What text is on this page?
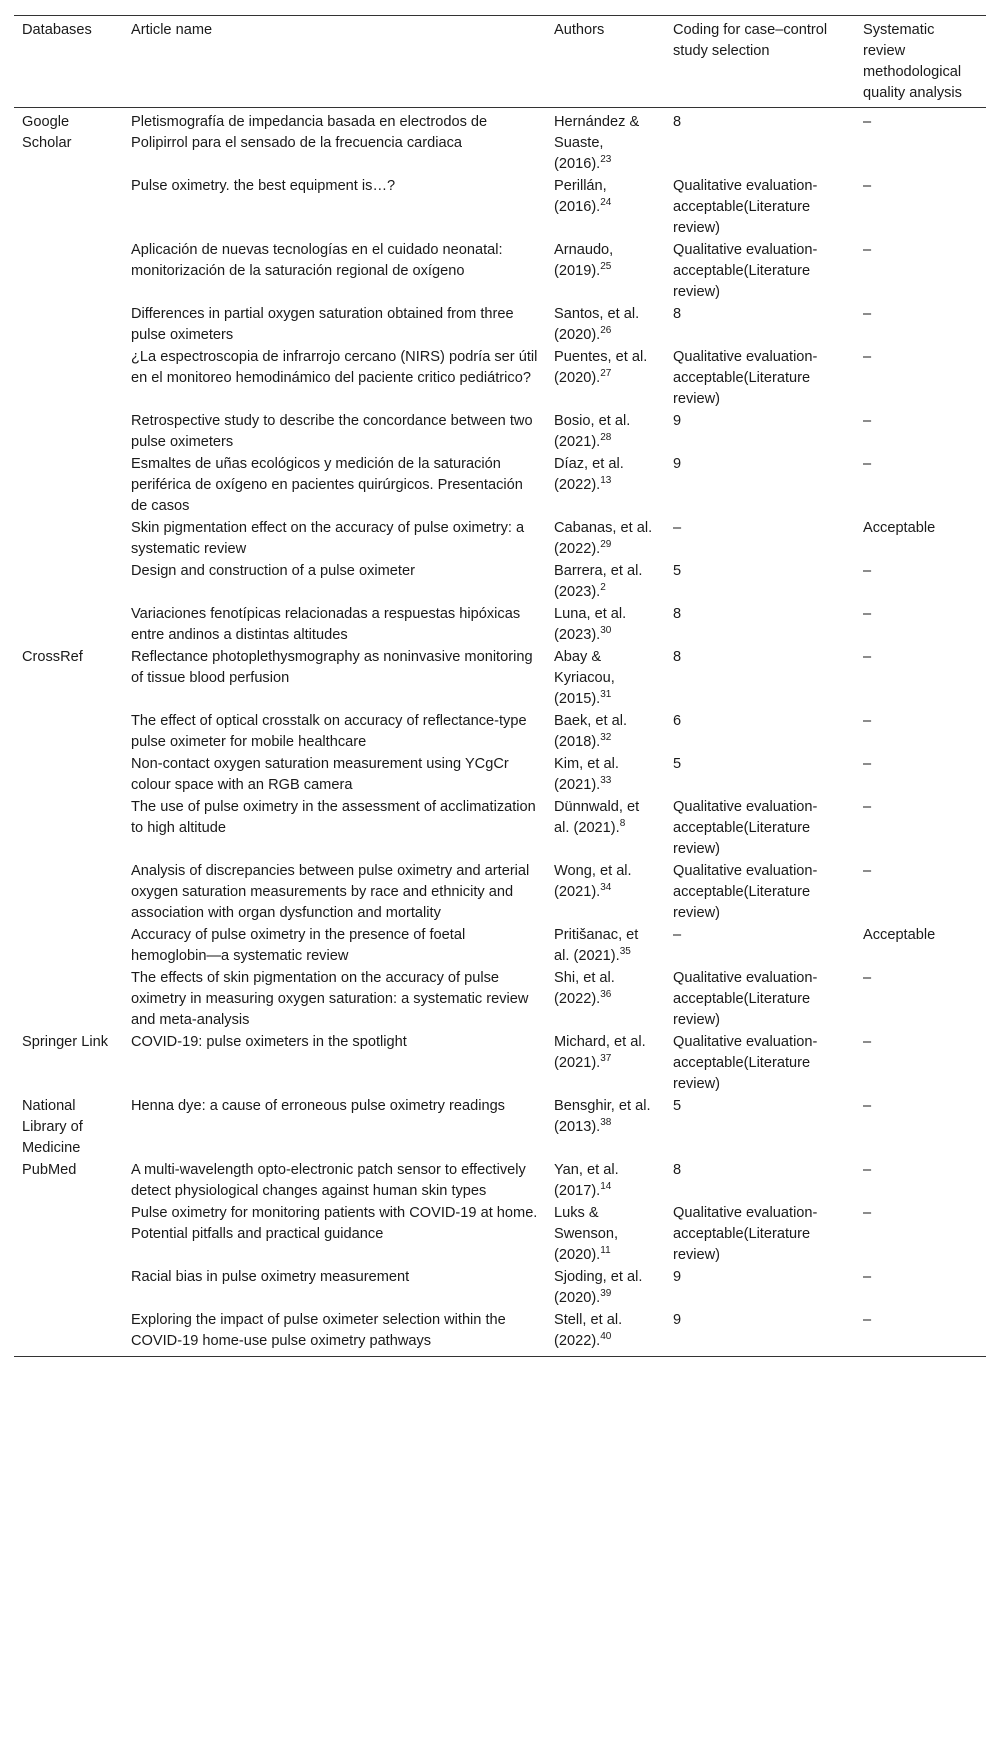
Databases	Article name	Authors	Coding for case–control study selection	Systematic review methodological quality analysis
Google Scholar	Pletismografía de impedancia basada en electrodos de Polipirrol para el sensado de la frecuencia cardiaca	Hernández & Suaste, (2016).$^{23}$	8	–
	Pulse oximetry. the best equipment is…?	Perillán, (2016).$^{24}$	Qualitative evaluation-acceptable(Literature review)	–
	Aplicación de nuevas tecnologías en el cuidado neonatal: monitorización de la saturación regional de oxígeno	Arnaudo, (2019).$^{25}$	Qualitative evaluation-acceptable(Literature review)	–
	Differences in partial oxygen saturation obtained from three pulse oximeters	Santos, et al. (2020).$^{26}$	8	–
	¿La espectroscopia de infrarrojo cercano (NIRS) podría ser útil en el monitoreo hemodinámico del paciente critico pediátrico?	Puentes, et al. (2020).$^{27}$	Qualitative evaluation-acceptable(Literature review)	–
	Retrospective study to describe the concordance between two pulse oximeters	Bosio, et al. (2021).$^{28}$	9	–
	Esmaltes de uñas ecológicos y medición de la saturación periférica de oxígeno en pacientes quirúrgicos. Presentación de casos	Díaz, et al. (2022).$^{13}$	9	–
	Skin pigmentation effect on the accuracy of pulse oximetry: a systematic review	Cabanas, et al. (2022).$^{29}$	–	Acceptable
	Design and construction of a pulse oximeter	Barrera, et al. (2023).$^2$	5	–
	Variaciones fenotípicas relacionadas a respuestas hipóxicas entre andinos a distintas altitudes	Luna, et al. (2023).$^{30}$	8	–
CrossRef	Reflectance photoplethysmography as noninvasive monitoring of tissue blood perfusion	Abay & Kyriacou, (2015).$^{31}$	8	–
	The effect of optical crosstalk on accuracy of reflectance-type pulse oximeter for mobile healthcare	Baek, et al. (2018).$^{32}$	6	–
	Non-contact oxygen saturation measurement using YCgCr colour space with an RGB camera	Kim, et al. (2021).$^{33}$	5	–
	The use of pulse oximetry in the assessment of acclimatization to high altitude	Dünnwald, et al. (2021).$^8$	Qualitative evaluation-acceptable(Literature review)	–
	Analysis of discrepancies between pulse oximetry and arterial oxygen saturation measurements by race and ethnicity and association with organ dysfunction and mortality	Wong, et al. (2021).$^{34}$	Qualitative evaluation-acceptable(Literature review)	–
	Accuracy of pulse oximetry in the presence of foetal hemoglobin—a systematic review	Pritišanac, et al. (2021).$^{35}$	–	Acceptable
	The effects of skin pigmentation on the accuracy of pulse oximetry in measuring oxygen saturation: a systematic review and meta-analysis	Shi, et al. (2022).$^{36}$	Qualitative evaluation-acceptable(Literature review)	–
Springer Link	COVID-19: pulse oximeters in the spotlight	Michard, et al. (2021).$^{37}$	Qualitative evaluation-acceptable(Literature review)	–
National Library of Medicine	Henna dye: a cause of erroneous pulse oximetry readings	Bensghir, et al. (2013).$^{38}$	5	–
PubMed	A multi-wavelength opto-electronic patch sensor to effectively detect physiological changes against human skin types	Yan, et al. (2017).$^{14}$	8	–
	Pulse oximetry for monitoring patients with COVID-19 at home. Potential pitfalls and practical guidance	Luks & Swenson, (2020).$^{11}$	Qualitative evaluation-acceptable(Literature review)	–
	Racial bias in pulse oximetry measurement	Sjoding, et al. (2020).$^{39}$	9	–
	Exploring the impact of pulse oximeter selection within the COVID-19 home-use pulse oximetry pathways	Stell, et al. (2022).$^{40}$	9	–
